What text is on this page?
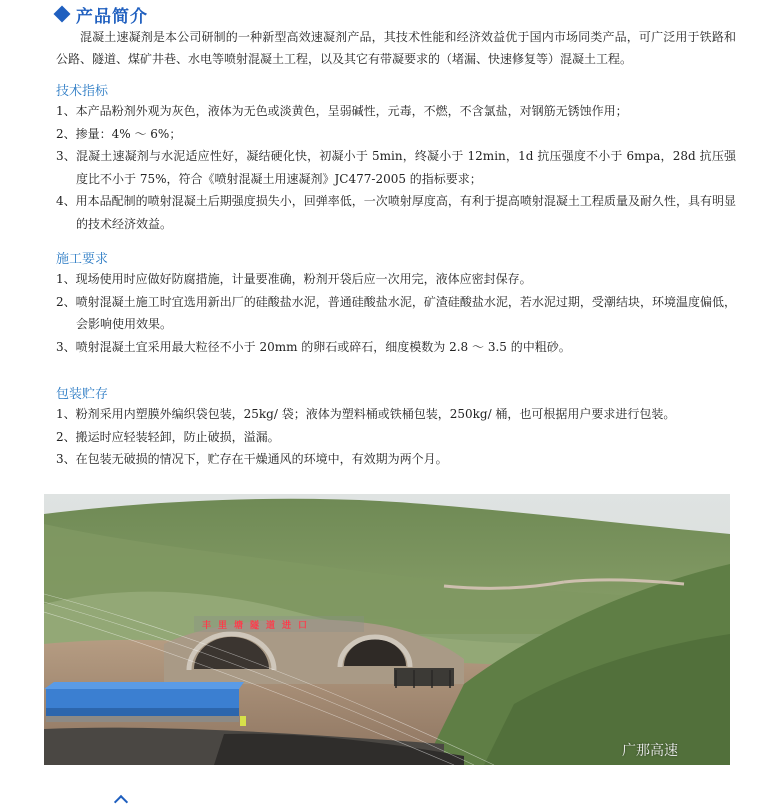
产品简介
混凝土速凝剂是本公司研制的一种新型高效速凝剂产品，其技术性能和经济效益优于国内市场同类产品，可广泛用于铁路和公路、隧道、煤矿井巷、水电等喷射混凝土工程，以及其它有带凝要求的（堵漏、快速修复等）混凝土工程。
技术指标
1、本产品粉剂外观为灰色，液体为无色或淡黄色，呈弱碱性，元毒，不燃，不含氯盐，对钢筋无锈蚀作用；
2、掺量：4% ～ 6%；
3、混凝土速凝剂与水泥适应性好，凝结硬化快，初凝小于 5min，终凝小于 12min，1d 抗压强度不小于 6mpa，28d 抗压强度比不小于 75%，符合《喷射混凝土用速凝剂》JC477-2005 的指标要求；
4、用本品配制的喷射混凝土后期强度损失小，回弹率低，一次喷射厚度高，有利于提高喷射混凝土工程质量及耐久性，具有明显的技术经济效益。
施工要求
1、现场使用时应做好防腐措施，计量要准确，粉剂开袋后应一次用完，液体应密封保存。
2、喷射混凝土施工时宜选用新出厂的硅酸盐水泥，普通硅酸盐水泥，矿渣硅酸盐水泥，若水泥过期，受潮结块，环境温度偏低，会影响使用效果。
3、喷射混凝土宜采用最大粒径不小于 20mm 的卵石或碎石，细度模数为 2.8 ～ 3.5 的中粗砂。
包装贮存
1、粉剂采用内塑膜外编织袋包装，25kg/ 袋；液体为塑料桶或铁桶包装，250kg/ 桶，也可根据用户要求进行包装。
2、搬运时应轻装轻卸，防止破损，溢漏。
3、在包装无破损的情况下，贮存在干燥通风的环境中，有效期为两个月。
丰里塘隧道进口
广那高速
